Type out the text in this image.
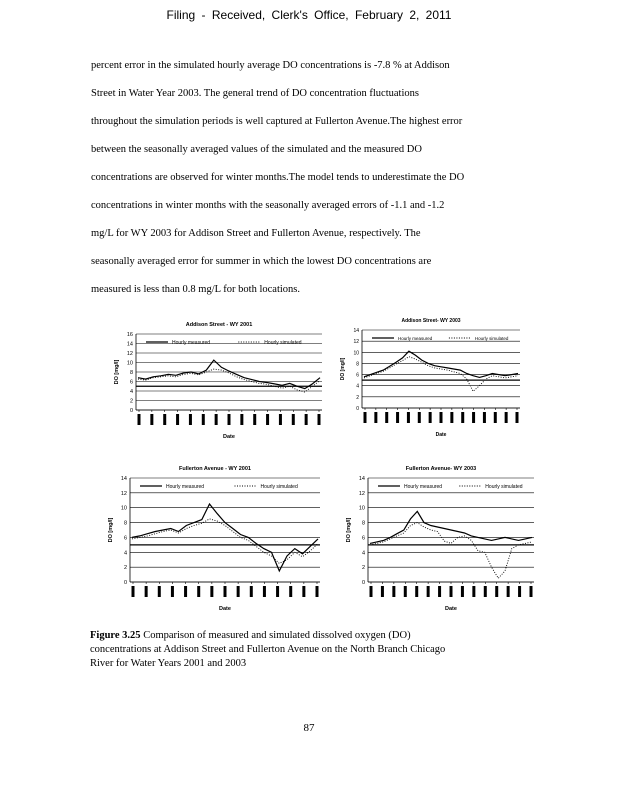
Filing - Received, Clerk's Office, February 2, 2011
percent error in the simulated hourly average DO concentrations is -7.8 % at Addison
Street in Water Year 2003. The general trend of DO concentration fluctuations
throughout the simulation periods is well captured at Fullerton Avenue.The highest error
between the seasonally averaged values of the simulated and the measured DO
concentrations are observed for winter months.The model tends to underestimate the DO
concentrations in winter months with the seasonally averaged errors of -1.1 and -1.2
mg/L for WY 2003 for Addison Street and Fullerton Avenue, respectively. The
seasonally averaged error for summer in which the lowest DO concentrations are
measured is less than 0.8 mg/L for both locations.
Addison Street - WY 2001
0
2
4
6
8
10
12
14
16
Hourly measured	Hourly simulated
Date
DO [mg/l]
Addison Street- WY 2003
0
2
4
6
8
10
12
14
Hourly measured	Hourly simulated
Date
DO [mg/l]
Fullerton Avenue - WY 2001
0
2
4
6
8
10
12
14
Hourly measured	Hourly simulated
Date
DO [mg/l]
Fullerton Avenue- WY 2003
0
2
4
6
8
10
12
14
Hourly measured	Hourly simulated
Date
DO [mg/l]
Figure 3.25 Comparison of measured and simulated dissolved oxygen (DO)
concentrations at Addison Street and Fullerton Avenue on the North Branch Chicago
River for Water Years 2001 and 2003
87
